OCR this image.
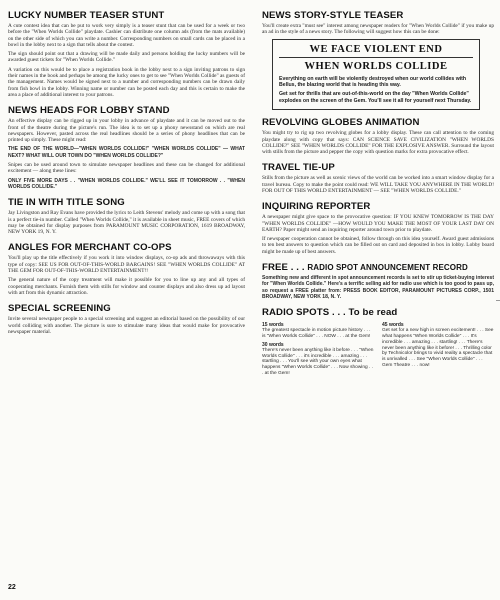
LUCKY NUMBER TEASER STUNT

A cute contest idea that can be put to work very simply is a teaser stunt that can be used for a week or two before the "When Worlds Collide" playdate. Cashier can distribute one column ads (from the mats available) on the other side of which you can write a number. Corresponding numbers on small cards can be placed in a bowl in the lobby next to a sign that tells about the contest.

The sign should point out that a drawing will be made daily and persons holding the lucky numbers will be awarded guest tickets for "When Worlds Collide."

A variation on this would be to place a registration book in the lobby next to a sign inviting patrons to sign their names in the book and perhaps be among the lucky ones to get to see "When Worlds Collide" as guests of the management. Names would be signed next to a number and corresponding numbers can be drawn daily from fish bowl in the lobby. Winning name or number can be posted each day and this is certain to make the area a place of additional interest to your patrons.

NEWS HEADS FOR LOBBY STAND

An effective display can be rigged up in your lobby in advance of playdate and it can be moved out to the front of the theatre during the picture's run. The idea is to set up a phony newsstand on which are real newspapers. However, pasted across the real headlines should be a series of phony headlines that can be printed up simply. These might read:

THE END OF THE WORLD—"WHEN WORLDS COLLIDE!" "WHEN WORLDS COLLIDE" — WHAT NEXT? WHAT WILL OUR TOWN DO "WHEN WORLDS COLLIDE?"

Snipes can be used around town to simulate newspaper headlines and these can be changed for additional excitement — along these lines:

ONLY FIVE MORE DAYS . . "WHEN WORLDS COLLIDE." WE'LL SEE IT TOMORROW . . "WHEN WORLDS COLLIDE."

TIE IN WITH TITLE SONG

Jay Livingston and Ray Evans have provided the lyrics to Leith Stevens' melody and come up with a song that is a perfect tie-in number. Called "When Worlds Collide," it is available in sheet music, FREE covers of which may be obtained for display purposes from PARAMOUNT MUSIC CORPORATION, 1619 BROADWAY, NEW YORK 19, N. Y.

ANGLES FOR MERCHANT CO-OPS

You'll play up the title effectively if you work it into window displays, co-op ads and throwaways with this type of copy: SEE US FOR OUT-OF-THIS-WORLD BARGAINS! SEE "WHEN WORLDS COLLIDE" AT THE GEM FOR OUT-OF-THIS-WORLD ENTERTAINMENT!!

The general nature of the copy treatment will make it possible for you to line up any and all types of cooperating merchants. Furnish them with stills for window and counter displays and also dress up ad layout with art from this dynamic attraction.

SPECIAL SCREENING

Invite several newspaper people to a special screening and suggest an editorial based on the possibility of our world colliding with another. The picture is sure to stimulate many ideas that would make for provocative newspaper material.

NEWS STORY-STYLE TEASER

You'll create extra "must see" interest among newspaper readers for "When Worlds Collide" if you make up an ad in the style of a news story. The following will suggest how this can be done:

WE FACE VIOLENT END
WHEN WORLDS COLLIDE
Everything on earth will be violently destroyed when our world collides with Bellus, the blazing world that is heading this way.
Get set for thrills that are out-of-this-world on the day "When Worlds Collide" explodes on the screen of the Gem. You'll see it all for yourself next Thursday.
REVOLVING GLOBES ANIMATION

You might try to rig up two revolving globes for a lobby display. These can call attention to the coming playdate along with copy that says: CAN SCIENCE SAVE CIVILIZATION "WHEN WORLDS COLLIDE?" SEE "WHEN WORLDS COLLIDE" FOR THE EXPLOSIVE ANSWER. Surround the layout with stills from the picture and pepper the copy with question marks for extra provocative effect.

TRAVEL TIE-UP

Stills from the picture as well as scenic views of the world can be worked into a smart window display for a travel bureau. Copy to make the point could read: WE WILL TAKE YOU ANYWHERE IN THE WORLD! FOR OUT OF THIS WORLD ENTERTAINMENT — SEE "WHEN WORLDS COLLIDE."

INQUIRING REPORTER

A newspaper might give space to the provocative question: IF YOU KNEW TOMORROW IS THE DAY "WHEN WORLDS COLLIDE" —HOW WOULD YOU MAKE THE MOST OF YOUR LAST DAY ON EARTH? Paper might send an inquiring reporter around town prior to playdate.

If newspaper cooperation cannot be obtained, follow through on this idea yourself. Award guest admissions to ten best answers to question which can be filled out on card and deposited in box in lobby. Lobby board might be made up of best answers.

FREE . . . RADIO SPOT ANNOUNCEMENT RECORD

Something new and different in spot announcement records is set to stir up ticket-buying interest for "When Worlds Collide." Here's a terrific selling aid for radio use which is too good to pass up, so request a FREE platter from: PRESS BOOK EDITOR, PARAMOUNT PICTURES CORP., 1501 BROADWAY, NEW YORK 18, N. Y.

RADIO SPOTS . . . To be read
15 words
The greatest spectacle in motion picture history . . . is "When Worlds Collide" . . . NOW . . . at the Gem!
30 words
There's never been anything like it before . . . "When Worlds Collide" . . . it's incredible . . . amazing . . . startling . . . You'll see with your own eyes what happens "When Worlds Collide" . . . Now showing . . . at the Gem!
45 words
Get set for a new high in screen excitement! . . . See what happens "When Worlds Collide" . . . It's incredible . . . amazing . . . startling! . . . There's never been anything like it before! . . . Thrilling color by Technicolor brings to vivid reality a spectacle that is unrivalled . . . See "When Worlds Collide" . . . Gem Theatre . . . now!
22
